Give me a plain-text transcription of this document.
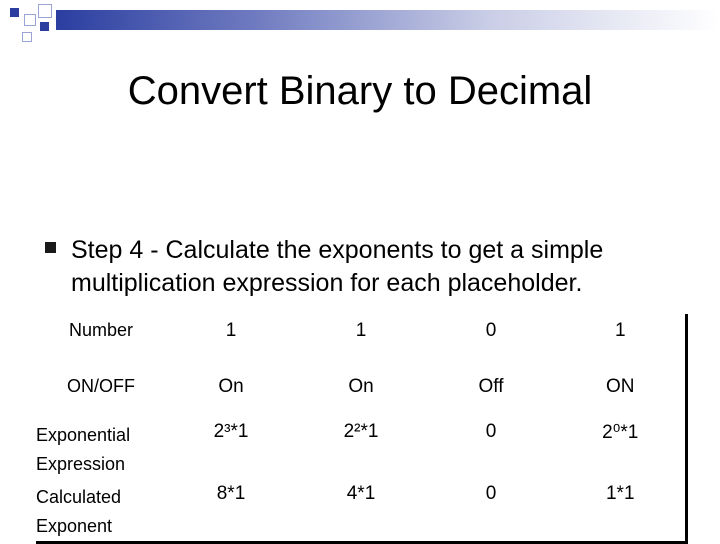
Convert Binary to Decimal
Step 4 - Calculate the exponents to get a simple multiplication expression for each placeholder.
Number	1	1	0	1
ON/OFF	On	On	Off	ON
Exponential Expression	2³*1	2²*1	0	2⁰*1
Calculated Exponent	8*1	4*1	0	1*1
